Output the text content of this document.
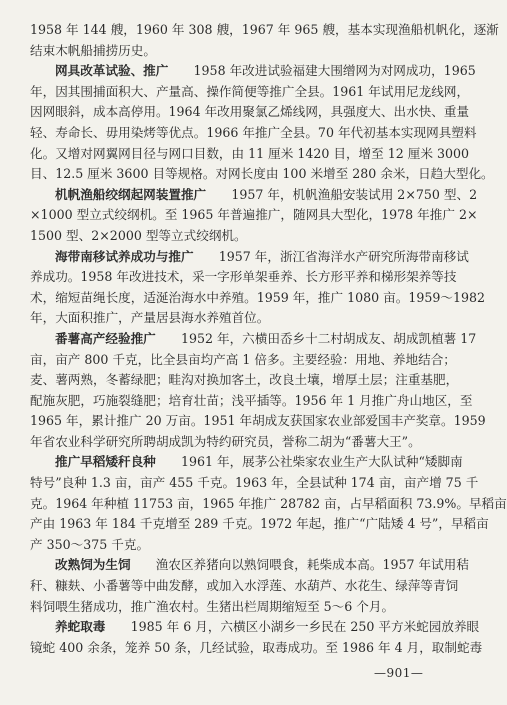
1958 年 144 艘，1960 年 308 艘，1967 年 965 艘，基本实现渔船机帆化，逐渐
结束木帆船捕捞历史。
网具改革试验、推广　　1958 年改进试验福建大围缯网为对网成功，1965
年，因其围捕面积大、产量高、操作简便等推广全县。1961 年试用尼龙线网，
因网眼斜，成本高停用。1964 年改用聚氯乙烯线网，具强度大、出水快、重量
轻、寿命长、毋用染烤等优点。1966 年推广全县。70 年代初基本实现网具塑料
化。又增对网翼网目径与网口目数，由 11 厘米 1420 目，增至 12 厘米 3000
目、12.5 厘米 3600 目等规格。对网长度由 100 米增至 280 余米，日趋大型化。
机帆渔船绞纲起网装置推广　　1957 年，机帆渔船安装试用 2×750 型、2
×1000 型立式绞纲机。至 1965 年普遍推广，随网具大型化，1978 年推广 2×
1500 型、2×2000 型等立式绞纲机。
海带南移试养成功与推广　　1957 年，浙江省海洋水产研究所海带南移试
养成功。1958 年改进技术，采一字形单架垂养、长方形平养和梯形架养等技
术，缩短苗绳长度，适涎治海水中养殖。1959 年，推广 1080 亩。1959～1982
年，大面积推广，产量居县海水养殖首位。
番薯高产经验推广　　1952 年，六横田岙乡十二村胡成友、胡成凯植薯 17
亩，亩产 800 千克，比全县亩均产高 1 倍多。主要经验：用地、养地结合；
麦、薯两熟，冬蓄绿肥；畦沟对换加客土，改良土壤，增厚土层；注重基肥，
配施灰肥，巧施裂缝肥；培育壮苗；浅平插等。1956 年 1 月推广舟山地区，至
1965 年，累计推广 20 万亩。1951 年胡成友获国家农业部爱国丰产奖章。1959
年省农业科学研究所聘胡成凯为特约研究员，誉称二胡为“番薯大王”。
推广早稻矮秆良种　　1961 年，展茅公社柴家农业生产大队试种“矮脚南
特号”良种 1.3 亩，亩产 455 千克。1963 年，全县试种 174 亩，亩产增 75 千
克。1964 年种植 11753 亩，1965 年推广 28782 亩，占早稻面积 73.9%。早稻亩
产由 1963 年 184 千克增至 289 千克。1972 年起，推广“广陆矮 4 号”，早稻亩
产 350～375 千克。
改熟饲为生饲　　渔农区养猪向以熟饲喂食，耗柴成本高。1957 年试用秸
秆、糠麸、小番薯等中曲发酵，或加入水浮莲、水葫芦、水花生、绿萍等青饲
料饲喂生猪成功，推广渔农村。生猪出栏周期缩短至 5～6 个月。
养蛇取毒　　1985 年 6 月，六横区小湖乡一乡民在 250 平方米蛇园放养眼
镜蛇 400 余条，笼养 50 条，几经试验，取毒成功。至 1986 年 4 月，取制蛇毒
—901—
